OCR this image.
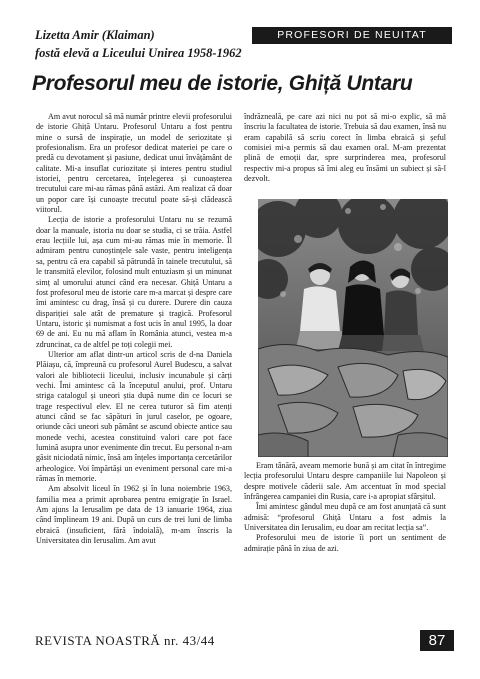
Lizetta Amir (Klaiman)
fostă elevă a Liceului Unirea 1958-1962
PROFESORI DE NEUITAT
Profesorul meu de istorie, Ghiță Untaru

Am avut norocul să mă număr printre elevii profesorului de istorie Ghiță Untaru. Profesorul Untaru a fost pentru mine o sursă de inspirație, un model de seriozitate și profesionalism. Era un profesor dedicat materiei pe care o predă cu devotament și pasiune, dedicat unui învățământ de calitate. Mi-a insuflat curiozitate și interes pentru studiul istoriei, pentru cercetarea, înțelegerea și cunoașterea trecutului care mi-au rămas până astăzi. Am realizat că doar un popor care își cunoaște trecutul poate să-și clădească viitorul.

Lecția de istorie a profesorului Untaru nu se rezumă doar la manuale, istoria nu doar se studia, ci se trăia. Astfel erau lecțiile lui, așa cum mi-au rămas mie în memorie. Îl admiram pentru cunoștințele sale vaste, pentru inteligența sa, pentru că era capabil să pătrundă în tainele trecutului, să le transmită elevilor, folosind mult entuziasm și un minunat simț al umorului atunci când era necesar. Ghiță Untaru a fost profesorul meu de istorie care m-a marcat și despre care îmi amintesc cu drag, însă și cu durere. Durere din cauza dispariției sale atât de premature și tragică. Profesorul Untaru, istoric și numismat a fost ucis în anul 1995, la doar 69 de ani. Eu nu mă aflam în România atunci, vestea m-a zdruncinat, ca de altfel pe toți colegii mei.

Ulterior am aflat dintr-un articol scris de d-na Daniela Plăiașu, că, împreună cu profesorul Aurel Budescu, a salvat valori ale bibliotecii liceului, inclusiv incunabule și cărți vechi. Îmi amintesc că la începutul anului, prof. Untaru striga catalogul și uneori știa după nume din ce locuri se trage respectivul elev. El ne cerea tuturor să fim atenți atunci când se fac săpături în jurul caselor, pe ogoare, oriunde căci uneori sub pământ se ascund obiecte antice sau monede vechi, acestea constituind valori care pot face lumină asupra unor evenimente din trecut. Eu personal n-am găsit niciodată nimic, însă am înțeles importanța cercetărilor arheologice. Voi împărtăși un eveniment personal care mi-a rămas în memorie.

Am absolvit liceul în 1962 și în luna noiembrie 1963, familia mea a primit aprobarea pentru emigrație în Israel. Am ajuns la Ierusalim pe data de 13 ianuarie 1964, ziua când împlineam 19 ani. După un curs de trei luni de limba ebraică (insuficient, fără îndoială), m-am înscris la Universitatea din Ierusalim. Am avut

îndrăzneală, pe care azi nici nu pot să mi-o explic, să mă înscriu la facultatea de istorie. Trebuia să dau examen, însă nu eram capabilă să scriu corect în limba ebraică și șeful comisiei mi-a permis să dau examen oral. M-am prezentat plină de emoții dar, spre surprinderea mea, profesorul respectiv mi-a propus să îmi aleg eu însămi un subiect și să-l dezvolt.

Eram tânără, aveam memorie bună și am citat în întregime lecția profesorului Untaru despre campaniile lui Napoleon și despre motivele căderii sale. Am accentuat în mod special înfrângerea campaniei din Rusia, care i-a apropiat sfârșitul.

Îmi amintesc gândul meu după ce am fost anunțată că sunt admisă: “profesorul Ghiță Untaru a fost admis la Universitatea din Ierusalim, eu doar am recitat lecția sa”.

Profesorului meu de istorie îi port un sentiment de admirație până în ziua de azi.

REVISTA NOASTRĂ nr. 43/44	87
